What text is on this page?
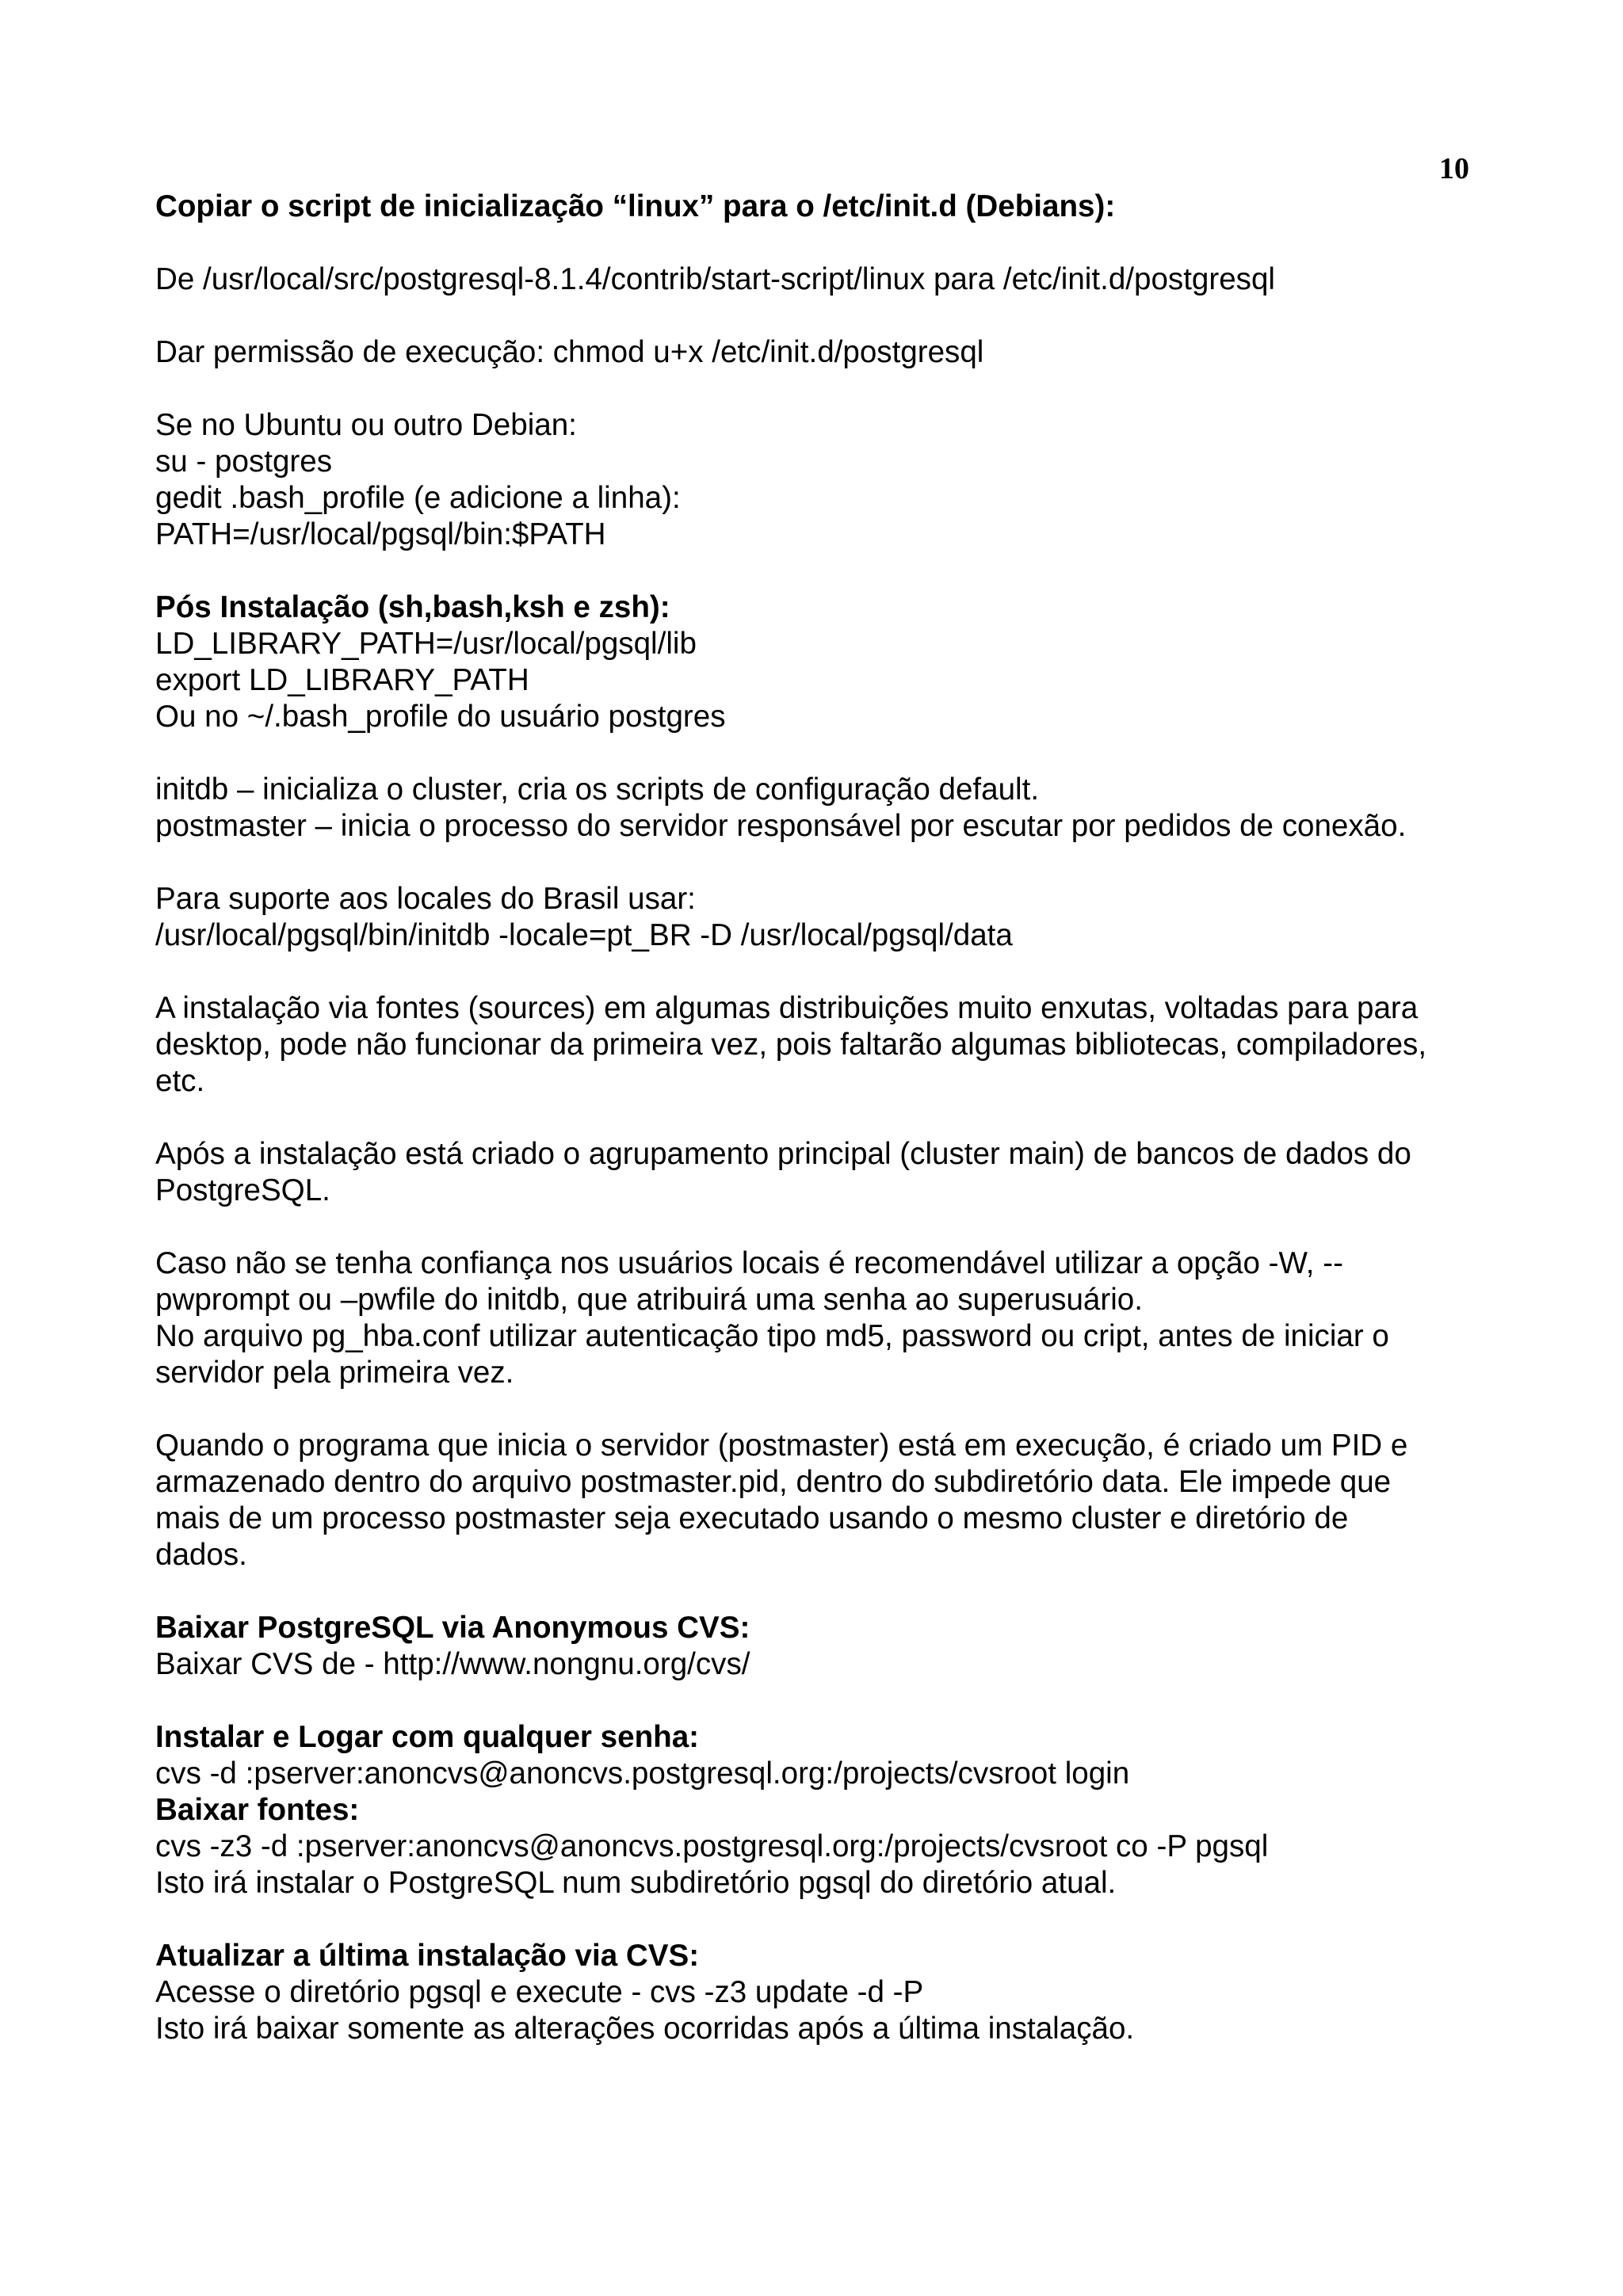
10
Copiar o script de inicialização “linux” para o /etc/init.d (Debians):
De /usr/local/src/postgresql-8.1.4/contrib/start-script/linux para /etc/init.d/postgresql
Dar permissão de execução: chmod u+x /etc/init.d/postgresql
Se no Ubuntu ou outro Debian:
su - postgres
gedit .bash_profile (e adicione a linha):
PATH=/usr/local/pgsql/bin:$PATH
Pós Instalação (sh,bash,ksh e zsh):
LD_LIBRARY_PATH=/usr/local/pgsql/lib
export LD_LIBRARY_PATH
Ou no ~/.bash_profile do usuário postgres
initdb – inicializa o cluster, cria os scripts de configuração default.
postmaster – inicia o processo do servidor responsável por escutar por pedidos de conexão.
Para suporte aos locales do Brasil usar:
/usr/local/pgsql/bin/initdb -locale=pt_BR -D /usr/local/pgsql/data
A instalação via fontes (sources) em algumas distribuições muito enxutas, voltadas para para
desktop, pode não funcionar da primeira vez, pois faltarão algumas bibliotecas, compiladores,
etc.
Após a instalação está criado o agrupamento principal (cluster main) de bancos de dados do
PostgreSQL.
Caso não se tenha confiança nos usuários locais é recomendável utilizar a opção -W, --
pwprompt ou –pwfile do initdb, que atribuirá uma senha ao superusuário.
No arquivo pg_hba.conf utilizar autenticação tipo md5, password ou cript, antes de iniciar o
servidor pela primeira vez.
Quando o programa que inicia o servidor (postmaster) está em execução, é criado um PID e
armazenado dentro do arquivo postmaster.pid, dentro do subdiretório data. Ele impede que
mais de um processo postmaster seja executado usando o mesmo cluster e diretório de
dados.
Baixar PostgreSQL via Anonymous CVS:
Baixar CVS de - http://www.nongnu.org/cvs/
Instalar e Logar com qualquer senha:
cvs -d :pserver:anoncvs@anoncvs.postgresql.org:/projects/cvsroot login
Baixar fontes:
cvs -z3 -d :pserver:anoncvs@anoncvs.postgresql.org:/projects/cvsroot co -P pgsql
Isto irá instalar o PostgreSQL num subdiretório pgsql do diretório atual.
Atualizar a última instalação via CVS:
Acesse o diretório pgsql e execute - cvs -z3 update -d -P
Isto irá baixar somente as alterações ocorridas após a última instalação.
